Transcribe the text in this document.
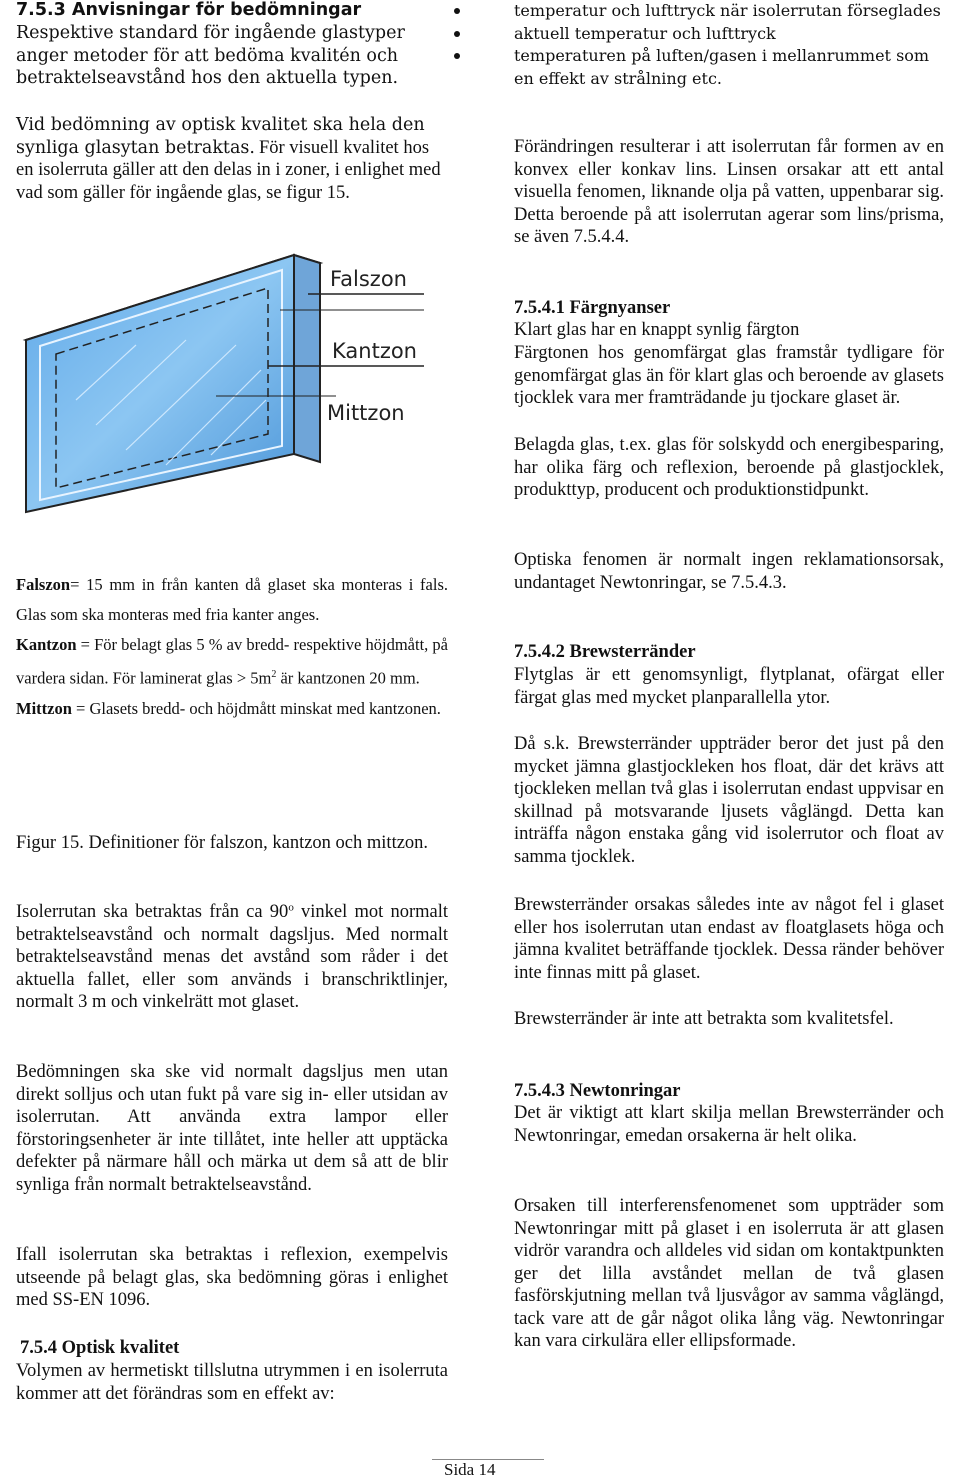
7.5.3 Anvisningar för bedömningar
Respektive standard för ingående glastyper anger metoder för att bedöma kvalitén och betraktelseavstånd hos den aktuella typen.
Vid bedömning av optisk kvalitet ska hela den synliga glasytan betraktas. För visuell kvalitet hos en isolerruta gäller att den delas in i zoner, i enlighet med vad som gäller för ingående glas, se figur 15.
Falszon
Kantzon
Mittzon
Falszon= 15 mm in från kanten då glaset ska monteras i fals. Glas som ska monteras med fria kanter anges.
Kantzon = För belagt glas 5 % av bredd- respektive höjdmått, på vardera sidan. För laminerat glas > $5m^2$ är kantzonen 20 mm.
Mittzon = Glasets bredd- och höjdmått minskat med kantzonen.
Figur 15. Definitioner för falszon, kantzon och mittzon.
Isolerrutan ska betraktas från ca 90$^o$ vinkel mot normalt betraktelseavstånd och normalt dagsljus. Med normalt betraktelseavstånd menas det avstånd som råder i det aktuella fallet, eller som används i branschriktlinjer, normalt 3 m och vinkelrätt mot glaset.
Bedömningen ska ske vid normalt dagsljus men utan direkt solljus och utan fukt på vare sig in- eller utsidan av isolerrutan. Att använda extra lampor eller förstoringsenheter är inte tillåtet, inte heller att upptäcka defekter på närmare håll och märka ut dem så att de blir synliga från normalt betraktelseavstånd.
Ifall isolerrutan ska betraktas i reflexion, exempelvis utseende på belagt glas, ska bedömning göras i enlighet med SS-EN 1096.
7.5.4 Optisk kvalitet
Volymen av hermetiskt tillslutna utrymmen i en isolerruta kommer att det förändras som en effekt av:
temperatur och lufttryck när isolerrutan förseglades
aktuell temperatur och lufttryck
temperaturen på luften/gasen i mellanrummet som en effekt av strålning etc.
Förändringen resulterar i att isolerrutan får formen av en konvex eller konkav lins. Linsen orsakar att ett antal visuella fenomen, liknande olja på vatten, uppenbarar sig. Detta beroende på att isolerrutan agerar som lins/prisma, se även 7.5.4.4.
7.5.4.1 Färgnyanser
Klart glas har en knappt synlig färgton
Färgtonen hos genomfärgat glas framstår tydligare för genomfärgat glas än för klart glas och beroende av glasets tjocklek vara mer framträdande ju tjockare glaset är.
Belagda glas, t.ex. glas för solskydd och energibesparing, har olika färg och reflexion, beroende på glastjocklek, produkttyp, producent och produktionstidpunkt.
Optiska fenomen är normalt ingen reklamationsorsak, undantaget Newtonringar, se 7.5.4.3.
7.5.4.2 Brewsterränder
Flytglas är ett genomsynligt, flytplanat, ofärgat eller färgat glas med mycket planparallella ytor.
Då s.k. Brewsterränder uppträder beror det just på den mycket jämna glastjockleken hos float, där det krävs att tjockleken mellan två glas i isolerrutan endast uppvisar en skillnad på motsvarande ljusets våglängd. Detta kan inträffa någon enstaka gång vid isolerrutor och float av samma tjocklek.
Brewsterränder orsakas således inte av något fel i glaset eller hos isolerrutan utan endast av floatglasets höga och jämna kvalitet beträffande tjocklek. Dessa ränder behöver inte finnas mitt på glaset.
Brewsterränder är inte att betrakta som kvalitetsfel.
7.5.4.3 Newtonringar
Det är viktigt att klart skilja mellan Brewsterränder och Newtonringar, emedan orsakerna är helt olika.
Orsaken till interferensfenomenet som uppträder som Newtonringar mitt på glaset i en isolerruta är att glasen vidrör varandra och alldeles vid sidan om kontaktpunkten ger det lilla avståndet mellan de två glasen fasförskjutning mellan två ljusvågor av samma våglängd, tack vare att de går något olika lång väg. Newtonringar kan vara cirkulära eller ellipsformade.
Sida 14
